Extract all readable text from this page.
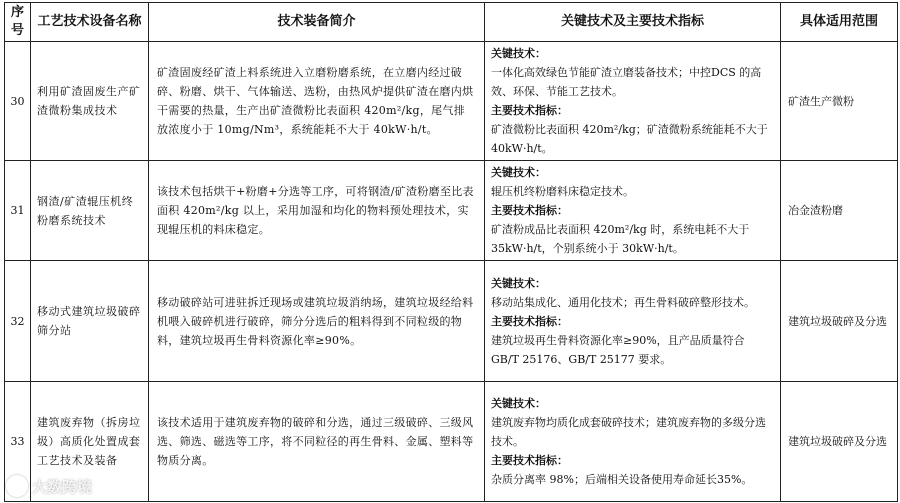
序号	工艺技术设备名称	技术装备简介	关键技术及主要技术指标	具体适用范围
30	利用矿渣固废生产矿渣微粉集成技术	矿渣固废经矿渣上料系统进入立磨粉磨系统，在立磨内经过破碎、粉磨、烘干、气体输送、选粉，由热风炉提供矿渣在磨内烘干需要的热量，生产出矿渣微粉比表面积 420m²/kg，尾气排放浓度小于 10mg/Nm³，系统能耗不大于 40kW·h/t。	关键技术：
一体化高效绿色节能矿渣立磨装备技术；中控DCS 的高效、环保、节能工艺技术。
主要技术指标：
矿渣微粉比表面积 420m²/kg；矿渣微粉系统能耗不大于 40kW·h/t。	矿渣生产微粉
31	钢渣/矿渣辊压机终粉磨系统技术	该技术包括烘干+粉磨+分选等工序，可将钢渣/矿渣粉磨至比表面积 420m²/kg 以上，采用加湿和均化的物料预处理技术，实现辊压机的料床稳定。	关键技术：
辊压机终粉磨料床稳定技术。
主要技术指标：
矿渣粉成品比表面积 420m²/kg 时，系统电耗不大于 35kW·h/t，个别系统小于 30kW·h/t。	冶金渣粉磨
32	移动式建筑垃圾破碎筛分站	移动破碎站可进驻拆迁现场或建筑垃圾消纳场，建筑垃圾经给料机喂入破碎机进行破碎，筛分分选后的粗料得到不同粒级的物料，建筑垃圾再生骨料资源化率≥90%。	关键技术：
移动站集成化、通用化技术；再生骨料破碎整形技术。
主要技术指标：
建筑垃圾再生骨料资源化率≥90%，且产品质量符合 GB/T 25176、GB/T 25177 要求。	建筑垃圾破碎及分选
33	建筑废弃物（拆房垃圾）高质化处置成套工艺技术及装备	该技术适用于建筑废弃物的破碎和分选，通过三级破碎、三级风选、筛选、磁选等工序，将不同粒径的再生骨料、金属、塑料等物质分离。	关键技术：
建筑废弃物均质化成套破碎技术；建筑废弃物的多级分选技术。
主要技术指标：
杂质分离率 98%；后端相关设备使用寿命延长35%。	建筑垃圾破碎及分选
大数跨境
